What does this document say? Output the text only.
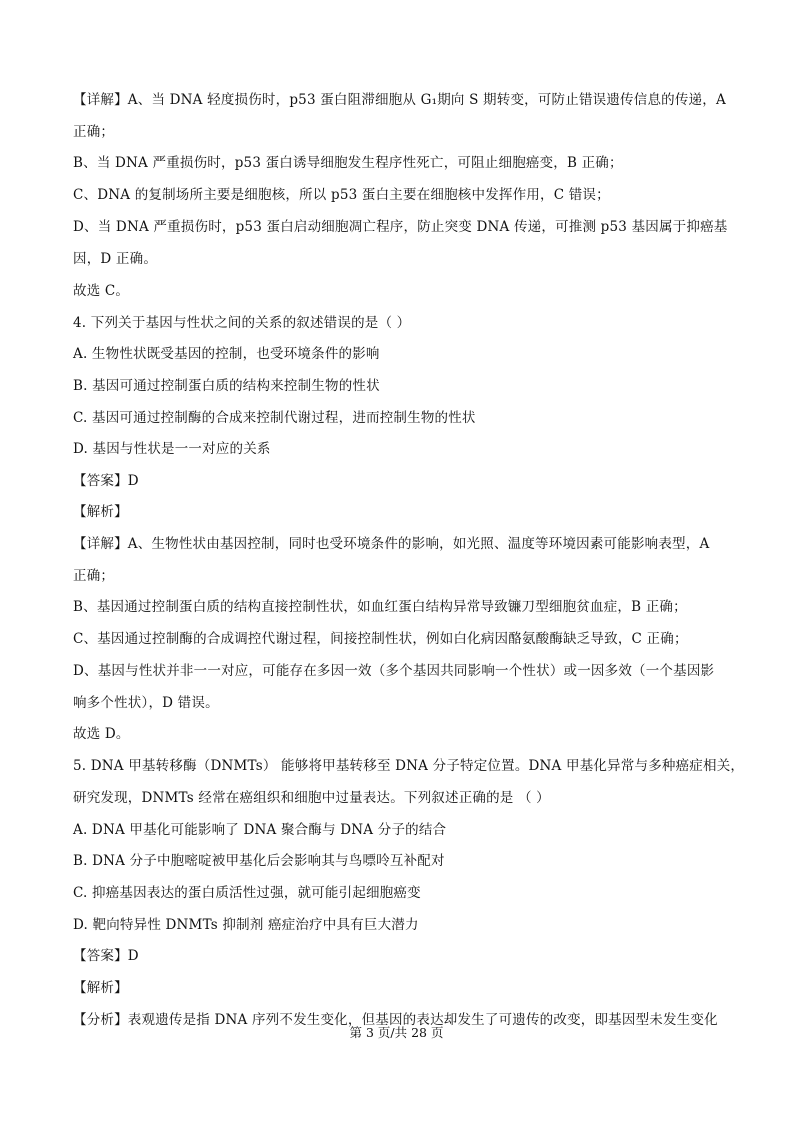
【详解】A、当 DNA 轻度损伤时，p53 蛋白阻滞细胞从 G₁期向 S 期转变，可防止错误遗传信息的传递，A
正确；
B、当 DNA 严重损伤时，p53 蛋白诱导细胞发生程序性死亡，可阻止细胞癌变，B 正确；
C、DNA 的复制场所主要是细胞核，所以 p53 蛋白主要在细胞核中发挥作用，C 错误；
D、当 DNA 严重损伤时，p53 蛋白启动细胞凋亡程序，防止突变 DNA 传递，可推测 p53 基因属于抑癌基
因，D 正确。
故选 C。
4. 下列关于基因与性状之间的关系的叙述错误的是（ ）
A. 生物性状既受基因的控制，也受环境条件的影响
B. 基因可通过控制蛋白质的结构来控制生物的性状
C. 基因可通过控制酶的合成来控制代谢过程，进而控制生物的性状
D. 基因与性状是一一对应的关系
【答案】D
【解析】
【详解】A、生物性状由基因控制，同时也受环境条件的影响，如光照、温度等环境因素可能影响表型，A
正确；
B、基因通过控制蛋白质的结构直接控制性状，如血红蛋白结构异常导致镰刀型细胞贫血症，B 正确；
C、基因通过控制酶的合成调控代谢过程，间接控制性状，例如白化病因酪氨酸酶缺乏导致，C 正确；
D、基因与性状并非一一对应，可能存在多因一效（多个基因共同影响一个性状）或一因多效（一个基因影
响多个性状），D 错误。
故选 D。
5. DNA 甲基转移酶（DNMTs） 能够将甲基转移至 DNA 分子特定位置。DNA 甲基化异常与多种癌症相关，
研究发现，DNMTs 经常在癌组织和细胞中过量表达。下列叙述正确的是 （ ）
A. DNA 甲基化可能影响了 DNA 聚合酶与 DNA 分子的结合
B. DNA 分子中胞嘧啶被甲基化后会影响其与鸟嘌呤互补配对
C. 抑癌基因表达的蛋白质活性过强，就可能引起细胞癌变
D. 靶向特异性 DNMTs 抑制剂 癌症治疗中具有巨大潜力
【答案】D
【解析】
【分析】表观遗传是指 DNA 序列不发生变化，但基因的表达却发生了可遗传的改变，即基因型未发生变化
第 3 页/共 28 页
